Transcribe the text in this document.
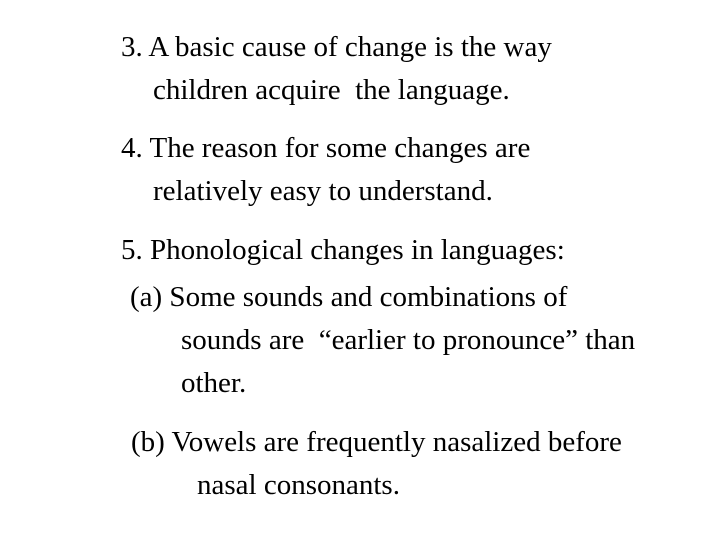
3. A basic cause of change is the way
children acquire  the language.
4. The reason for some changes are
relatively easy to understand.
5. Phonological changes in languages:
(a) Some sounds and combinations of
sounds are  “earlier to pronounce” than
other.
(b) Vowels are frequently nasalized before
nasal consonants.
